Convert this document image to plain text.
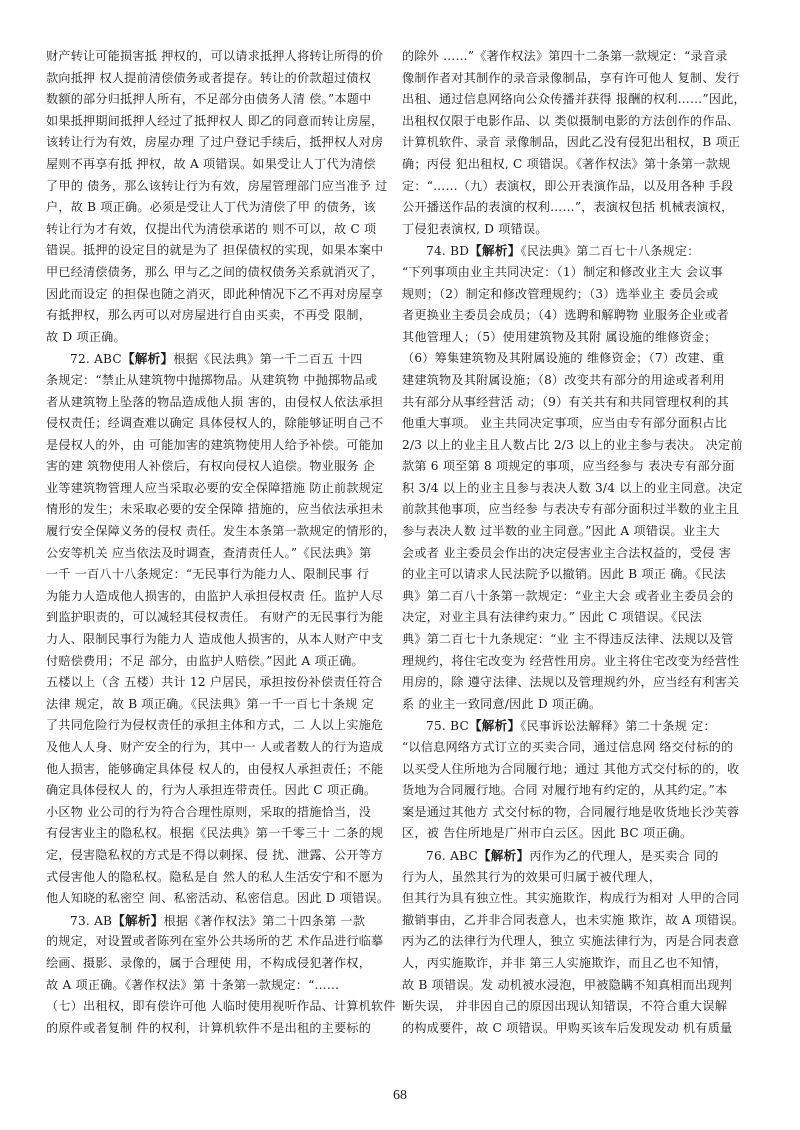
财产转让可能损害抵 押权的，可以请求抵押人将转让所得的价
款向抵押 权人提前清偿债务或者提存。转让的价款超过债权
数额的部分归抵押人所有，不足部分由债务人清 偿。”本题中
如果抵押期间抵押人经过了抵押权人 即乙的同意而转让房屋，
该转让行为有效，房屋办理 了过户登记手续后，抵押权人对房
屋则不再享有抵 押权，故 A 项错误。如果受让人丁代为清偿
了甲的 债务，那么该转让行为有效，房屋管理部门应当准予 过
户，故 B 项正确。必须是受让人丁代为清偿了甲 的债务，该
转让行为才有效，仅提出代为清偿承诺的 则不可以，故 C 项
错误。抵押的设定目的就是为了 担保债权的实现，如果本案中
甲已经清偿债务，那么 甲与乙之间的债权债务关系就消灭了，
因此而设定 的担保也随之消灭，即此种情况下乙不再对房屋享
有抵押权，那么丙可以对房屋进行自由买卖，不再受 限制，
故 D 项正确。
72. ABC【解析】根据《民法典》第一千二百五 十四
条规定：“禁止从建筑物中抛掷物品。从建筑物 中抛掷物品或
者从建筑物上坠落的物品造成他人损 害的，由侵权人依法承担
侵权责任；经调查难以确定 具体侵权人的，除能够证明自己不
是侵权人的外，由 可能加害的建筑物使用人给予补偿。可能加
害的建 筑物使用人补偿后，有权向侵权人追偿。物业服务 企
业等建筑物管理人应当采取必要的安全保障措施 防止前款规定
情形的发生；未采取必要的安全保障 措施的，应当依法承担未
履行安全保障义务的侵权 责任。发生本条第一款规定的情形的，
公安等机关 应当依法及时调查，查清责任人。”《民法典》第
一千 一百八十八条规定：“无民事行为能力人、限制民事 行
为能力人造成他人损害的，由监护人承担侵权责 任。监护人尽
到监护职责的，可以减轻其侵权责任。 有财产的无民事行为能
力人、限制民事行为能力人 造成他人损害的，从本人财产中支
付赔偿费用；不足 部分，由监护人赔偿。”因此 A 项正确。
五楼以上（含 五楼）共计 12 户居民，承担按份补偿责任符合
法律 规定，故 B 项正确。《民法典》第一千一百七十条规 定
了共同危险行为侵权责任的承担主体和方式，二 人以上实施危
及他人人身、财产安全的行为，其中一 人或者数人的行为造成
他人损害，能够确定具体侵 权人的，由侵权人承担责任；不能
确定具体侵权人 的，行为人承担连带责任。因此 C 项正确。
小区物 业公司的行为符合合理性原则，采取的措施恰当，没
有侵害业主的隐私权。根据《民法典》第一千零三十 二条的规
定，侵害隐私权的方式是不得以刺探、侵 扰、泄露、公开等方
式侵害他人的隐私权。隐私是自 然人的私人生活安宁和不愿为
他人知晓的私密空 间、私密活动、私密信息。因此 D 项错误。
73. AB【解析】根据《著作权法》第二十四条第 一款
的规定，对设置或者陈列在室外公共场所的艺 术作品进行临摹
绘画、摄影、录像的，属于合理使 用，不构成侵犯著作权，
故 A 项正确。《著作权法》第 十条第一款规定：“……
（七）出租权，即有偿许可他 人临时使用视听作品、计算机软件
的原件或者复制 件的权利，计算机软件不是出租的主要标的
的除外 ……”《著作权法》第四十二条第一款规定：“录音录
像制作者对其制作的录音录像制品，享有许可他人 复制、发行
出租、通过信息网络向公众传播并获得 报酬的权利……”因此，
出租权仅限于电影作品、以 类似摄制电影的方法创作的作品、
计算机软件、录音 录像制品，因此乙没有侵犯出租权，B 项正
确；丙侵 犯出租权, C 项错误。《著作权法》第十条第一款规
定：“……（九）表演权，即公开表演作品，以及用各种 手段
公开播送作品的表演的权利……”，表演权包括 机械表演权，
丁侵犯表演权, D 项错误。
74. BD【解析】《民法典》第二百七十八条规定：
“下列事项由业主共同决定：（1）制定和修改业主大 会议事
规则；（2）制定和修改管理规约；（3）选举业主 委员会或
者更换业主委员会成员；（4）选聘和解聘物 业服务企业或者
其他管理人；（5）使用建筑物及其附 属设施的维修资金；
（6）筹集建筑物及其附属设施的 维修资金；（7）改建、重
建建筑物及其附属设施；（8）改变共有部分的用途或者利用
共有部分从事经营活 动；（9）有关共有和共同管理权利的其
他重大事项。 业主共同决定事项，应当由专有部分面积占比
2/3 以上的业主且人数占比 2/3 以上的业主参与表决。 决定前
款第 6 项至第 8 项规定的事项，应当经参与 表决专有部分面
积 3/4 以上的业主且参与表决人数 3/4 以上的业主同意。决定
前款其他事项，应当经参 与表决专有部分面积过半数的业主且
参与表决人数 过半数的业主同意。”因此 A 项错误。业主大
会或者 业主委员会作出的决定侵害业主合法权益的，受侵 害
的业主可以请求人民法院予以撤销。因此 B 项正 确。《民法
典》第二百八十条第一款规定：“业主大会 或者业主委员会的
决定，对业主具有法律约束力。” 因此 C 项错误。《民法
典》第二百七十九条规定：“业 主不得违反法律、法规以及管
理规约，将住宅改变为 经营性用房。业主将住宅改变为经营性
用房的，除 遵守法律、法规以及管理规约外，应当经有利害关
系 的业主一致同意/因此 D 项正确。
75. BC【解析】《民事诉讼法解释》第二十条规 定：
“以信息网络方式订立的买卖合同，通过信息网 络交付标的的
以买受人住所地为合同履行地；通过 其他方式交付标的的，收
货地为合同履行地。合同 对履行地有约定的，从其约定。”本
案是通过其他方 式交付标的物，合同履行地是收货地长沙芙蓉
区，被 告住所地是广州市白云区。因此 BC 项正确。
76. ABC【解析】丙作为乙的代理人，是买卖合 同的
行为人，虽然其行为的效果可归属于被代理人，
但其行为具有独立性。其实施欺诈，构成行为相对 人甲的合同
撤销事由，乙并非合同表意人，也未实施 欺诈，故 A 项错误。
丙为乙的法律行为代理人，独立 实施法律行为，丙是合同表意
人，丙实施欺诈，并非 第三人实施欺诈，而且乙也不知情，
故 B 项错误。发 动机被水浸泡，甲被隐瞒不知真相而出现判
断失误， 并非因自己的原因出现认知错误，不符合重大误解
的构成要件，故 C 项错误。甲购买该车后发现发动 机有质量
68
